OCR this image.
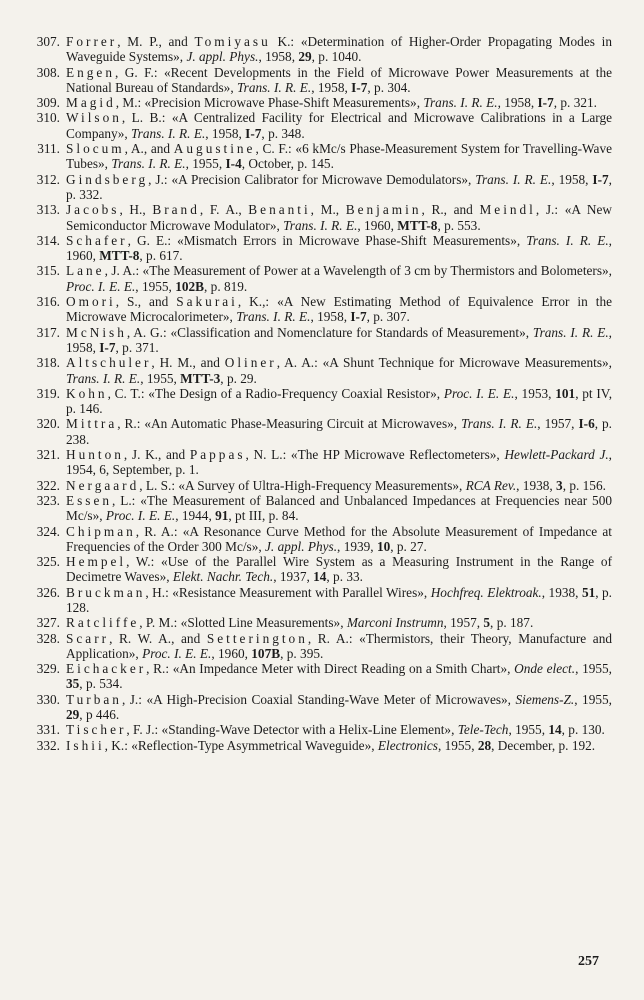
307. Forrer, M. P., and Tomiyasu K.: «Determination of Higher-Order Propagating Modes in Waveguide Systems», J. appl. Phys., 1958, 29, p. 1040.

308. Engen, G. F.: «Recent Developments in the Field of Microwave Power Measurements at the National Bureau of Standards», Trans. I. R. E., 1958, I-7, p. 304.

309. Magid, M.: «Precision Microwave Phase-Shift Measurements», Trans. I. R. E., 1958, I-7, p. 321.

310. Wilson, L. B.: «A Centralized Facility for Electrical and Microwave Calibrations in a Large Company», Trans. I. R. E., 1958, I-7, p. 348.

311. Slocum, A., and Augustine, C. F.: «6 kMc/s Phase-Measurement System for Travelling-Wave Tubes», Trans. I. R. E., 1955, I-4, October, p. 145.

312. Gindsberg, J.: «A Precision Calibrator for Microwave Demodulators», Trans. I. R. E., 1958, I-7, p. 332.

313. Jacobs, H., Brand, F. A., Benanti, M., Benjamin, R., and Meindl, J.: «A New Semiconductor Microwave Modulator», Trans. I. R. E., 1960, MTT-8, p. 553.

314. Schafer, G. E.: «Mismatch Errors in Microwave Phase-Shift Measurements», Trans. I. R. E., 1960, MTT-8, p. 617.

315. Lane, J. A.: «The Measurement of Power at a Wavelength of 3 cm by Thermistors and Bolometers», Proc. I. E. E., 1955, 102B, p. 819.

316. Omori, S., and Sakurai, K.,: «A New Estimating Method of Equivalence Error in the Microwave Microcalorimeter», Trans. I. R. E., 1958, I-7, p. 307.

317. McNish, A. G.: «Classification and Nomenclature for Standards of Measurement», Trans. I. R. E., 1958, I-7, p. 371.

318. Altschuler, H. M., and Oliner, A. A.: «A Shunt Technique for Microwave Measurements», Trans. I. R. E., 1955, MTT-3, p. 29.

319. Kohn, C. T.: «The Design of a Radio-Frequency Coaxial Resistor», Proc. I. E. E., 1953, 101, pt IV, p. 146.

320. Mittra, R.: «An Automatic Phase-Measuring Circuit at Microwaves», Trans. I. R. E., 1957, I-6, p. 238.

321. Hunton, J. K., and Pappas, N. L.: «The HP Microwave Reflectometers», Hewlett-Packard J., 1954, 6, September, p. 1.

322. Nergaard, L. S.: «A Survey of Ultra-High-Frequency Measurements», RCA Rev., 1938, 3, p. 156.

323. Essen, L.: «The Measurement of Balanced and Unbalanced Impedances at Frequencies near 500 Mc/s», Proc. I. E. E., 1944, 91, pt III, p. 84.

324. Chipman, R. A.: «A Resonance Curve Method for the Absolute Measurement of Impedance at Frequencies of the Order 300 Mc/s», J. appl. Phys., 1939, 10, p. 27.

325. Hempel, W.: «Use of the Parallel Wire System as a Measuring Instrument in the Range of Decimetre Waves», Elekt. Nachr. Tech., 1937, 14, p. 33.

326. Bruckman, H.: «Resistance Measurement with Parallel Wires», Hochfreq. Elektroak., 1938, 51, p. 128.

327. Ratcliffe, P. M.: «Slotted Line Measurements», Marconi Instrumn, 1957, 5, p. 187.

328. Scarr, R. W. A., and Setterington, R. A.: «Thermistors, their Theory, Manufacture and Application», Proc. I. E. E., 1960, 107B, p. 395.

329. Eichacker, R.: «An Impedance Meter with Direct Reading on a Smith Chart», Onde elect., 1955, 35, p. 534.

330. Turban, J.: «A High-Precision Coaxial Standing-Wave Meter of Microwaves», Siemens-Z., 1955, 29, p 446.

331. Tischer, F. J.: «Standing-Wave Detector with a Helix-Line Element», Tele-Tech, 1955, 14, p. 130.

332. Ishii, K.: «Reflection-Type Asymmetrical Waveguide», Electronics, 1955, 28, December, p. 192.

257
